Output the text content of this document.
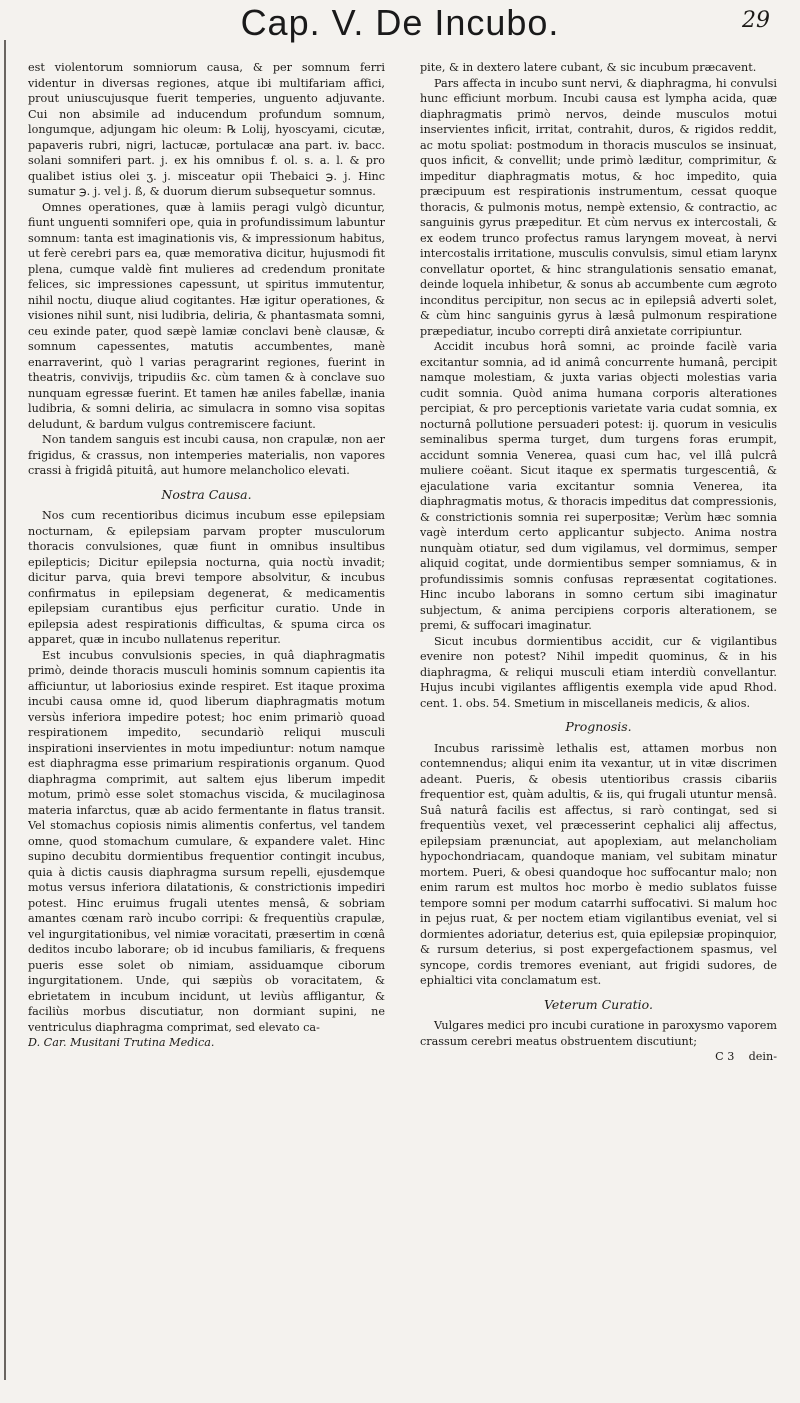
Cap. V. De Incubo.	29

est violentorum somniorum causa, & per somnum ferri videntur in diversas regiones, atque ibi multifariam affici, prout uniuscujusque fuerit temperies, unguento adjuvante. Cui non absimile ad inducendum profundum somnum, longumque, adjungam hic oleum: ℞ Lolij, hyoscyami, cicutæ, papaveris rubri, nigri, lactucæ, portulacæ ana part. iv. bacc. solani somniferi part. j. ex his omnibus f. ol. s. a. l. & pro qualibet istius olei ʒ. j. misceatur opii Thebaici ℈. j. Hinc sumatur ℈. j. vel j. ß, & duorum dierum subsequetur somnus.

Omnes operationes, quæ à lamiis peragi vulgò dicuntur, fiunt unguenti somniferi ope, quia in profundissimum labuntur somnum: tanta est imaginationis vis, & impressionum habitus, ut ferè cerebri pars ea, quæ memorativa dicitur, hujusmodi fit plena, cumque valdè fint mulieres ad credendum pronitate felices, sic impressiones capessunt, ut spiritus immutentur, nihil noctu, diuque aliud cogitantes. Hæ igitur operationes, & visiones nihil sunt, nisi ludibria, deliria, & phantasmata somni, ceu exinde pater, quod sæpè lamiæ conclavi benè clausæ, & somnum capessentes, matutis accumbentes, manè enarraverint, quò l varias peragrarint regiones, fuerint in theatris, convivijs, tripudiis &c. cùm tamen & à conclave suo nunquam egressæ fuerint. Et tamen hæ aniles fabellæ, inania ludibria, & somni deliria, ac simulacra in somno visa sopitas deludunt, & bardum vulgus contremiscere faciunt.

Non tandem sanguis est incubi causa, non crapulæ, non aer frigidus, & crassus, non intemperies materialis, non vapores crassi à frigidâ pituitâ, aut humore melancholico elevati.

Nostra Causa.

Nos cum recentioribus dicimus incubum esse epilepsiam nocturnam, & epilepsiam parvam propter musculorum thoracis convulsiones, quæ fiunt in omnibus insultibus epilepticis; Dicitur epilepsia nocturna, quia noctù invadit; dicitur parva, quia brevi tempore absolvitur, & incubus confirmatus in epilepsiam degenerat, & medicamentis epilepsiam curantibus ejus perficitur curatio. Unde in epilepsia adest respirationis difficultas, & spuma circa os apparet, quæ in incubo nullatenus reperitur.

Est incubus convulsionis species, in quâ diaphragmatis primò, deinde thoracis musculi hominis somnum capientis ita afficiuntur, ut laboriosius exinde respiret. Est itaque proxima incubi causa omne id, quod liberum diaphragmatis motum versùs inferiora impedire potest; hoc enim primariò quoad respirationem impedito, secundariò reliqui musculi inspirationi inservientes in motu impediuntur: notum namque est diaphragma esse primarium respirationis organum. Quod diaphragma comprimit, aut saltem ejus liberum impedit motum, primò esse solet stomachus viscida, & mucilaginosa materia infarctus, quæ ab acido fermentante in flatus transit. Vel stomachus copiosis nimis alimentis confertus, vel tandem omne, quod stomachum cumulare, & expandere valet. Hinc supino decubitu dormientibus frequentior contingit incubus, quia à dictis causis diaphragma sursum repelli, ejusdemque motus versus inferiora dilatationis, & constrictionis impediri potest. Hinc eruimus frugali utentes mensâ, & sobriam amantes cœnam rarò incubo corripi: & frequentiùs crapulæ, vel ingurgitationibus, vel nimiæ voracitati, præsertim in cœnâ deditos incubo laborare; ob id incubus familiaris, & frequens pueris esse solet ob nimiam, assiduamque ciborum ingurgitationem. Unde, qui sæpiùs ob voracitatem, & ebrietatem in incubum incidunt, ut leviùs affligantur, & faciliùs morbus discutiatur, non dormiant supini, ne ventriculus diaphragma comprimat, sed elevato ca-

D. Car. Musitani Trutina Medica.

pite, & in dextero latere cubant, & sic incubum præcavent.

Pars affecta in incubo sunt nervi, & diaphragma, hi convulsi hunc efficiunt morbum. Incubi causa est lympha acida, quæ diaphragmatis primò nervos, deinde musculos motui inservientes inficit, irritat, contrahit, duros, & rigidos reddit, ac motu spoliat: postmodum in thoracis musculos se insinuat, quos inficit, & convellit; unde primò læditur, comprimitur, & impeditur diaphragmatis motus, & hoc impedito, quia præcipuum est respirationis instrumentum, cessat quoque thoracis, & pulmonis motus, nempè extensio, & contractio, ac sanguinis gyrus præpeditur. Et cùm nervus ex intercostali, & ex eodem trunco profectus ramus laryngem moveat, à nervi intercostalis irritatione, musculis convulsis, simul etiam larynx convellatur oportet, & hinc strangulationis sensatio emanat, deinde loquela inhibetur, & sonus ab accumbente cum ægroto inconditus percipitur, non secus ac in epilepsiâ adverti solet, & cùm hinc sanguinis gyrus à læsâ pulmonum respiratione præpediatur, incubo correpti dirâ anxietate corripiuntur.

Accidit incubus horâ somni, ac proinde facilè varia excitantur somnia, ad id animâ concurrente humanâ, percipit namque molestiam, & juxta varias objecti molestias varia cudit somnia. Quòd anima humana corporis alterationes percipiat, & pro perceptionis varietate varia cudat somnia, ex nocturnâ pollutione persuaderi potest: ij. quorum in vesiculis seminalibus sperma turget, dum turgens foras erumpit, accidunt somnia Venerea, quasi cum hac, vel illâ pulcrâ muliere coëant. Sicut itaque ex spermatis turgescentiâ, & ejaculatione varia excitantur somnia Venerea, ita diaphragmatis motus, & thoracis impeditus dat compressionis, & constrictionis somnia rei superpositæ; Verùm hæc somnia vagè interdum certo applicantur subjecto. Anima nostra nunquàm otiatur, sed dum vigilamus, vel dormimus, semper aliquid cogitat, unde dormientibus semper somniamus, & in profundissimis somnis confusas repræsentat cogitationes. Hinc incubo laborans in somno certum sibi imaginatur subjectum, & anima percipiens corporis alterationem, se premi, & suffocari imaginatur.

Sicut incubus dormientibus accidit, cur & vigilantibus evenire non potest? Nihil impedit quominus, & in his diaphragma, & reliqui musculi etiam interdiù convellantur. Hujus incubi vigilantes affligentis exempla vide apud Rhod. cent. 1. obs. 54. Smetium in miscellaneis medicis, & alios.

Prognosis.

Incubus rarissimè lethalis est, attamen morbus non contemnendus; aliqui enim ita vexantur, ut in vitæ discrimen adeant. Pueris, & obesis utentioribus crassis cibariis frequentior est, quàm adultis, & iis, qui frugali utuntur mensâ. Suâ naturâ facilis est affectus, si rarò contingat, sed si frequentiùs vexet, vel præcesserint cephalici alij affectus, epilepsiam prænunciat, aut apoplexiam, aut melancholiam hypochondriacam, quandoque maniam, vel subitam minatur mortem. Pueri, & obesi quandoque hoc suffocantur malo; non enim rarum est multos hoc morbo è medio sublatos fuisse tempore somni per modum catarrhi suffocativi. Si malum hoc in pejus ruat, & per noctem etiam vigilantibus eveniat, vel si dormientes adoriatur, deterius est, quia epilepsiæ propinquior, & rursum deterius, si post expergefactionem spasmus, vel syncope, cordis tremores eveniant, aut frigidi sudores, de ephialtici vita conclamatum est.

Veterum Curatio.

Vulgares medici pro incubi curatione in paroxysmo vaporem crassum cerebri meatus obstruentem discutiunt;

C 3 dein-
